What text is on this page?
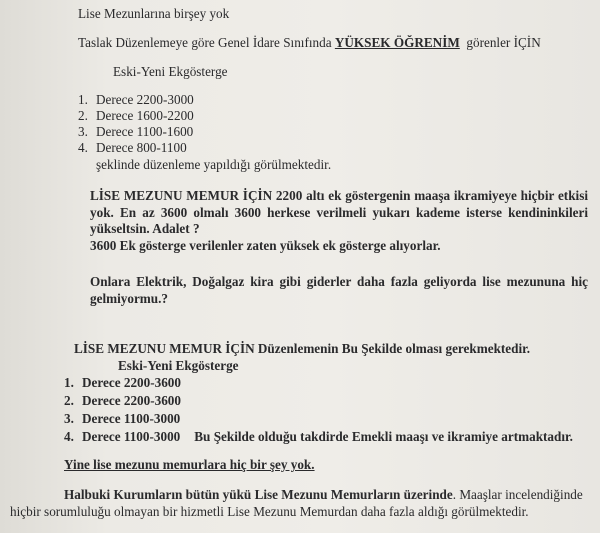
Lise Mezunlarına birşey yok
Taslak Düzenlemeye göre Genel İdare Sınıfında YÜKSEK ÖĞRENİM görenler İÇİN
Eski-Yeni Ekgösterge
1. Derece 2200-3000
2. Derece 1600-2200
3. Derece 1100-1600
4. Derece 800-1100
şeklinde düzenleme yapıldığı görülmektedir.
LİSE MEZUNU MEMUR İÇİN 2200 altı ek göstergenin maaşa ikramiyeye hiçbir etkisi yok. En az 3600 olmalı 3600 herkese verilmeli yukarı kademe isterse kendininkileri yükseltsin. Adalet ?
3600 Ek gösterge verilenler zaten yüksek ek gösterge alıyorlar.
Onlara Elektrik, Doğalgaz kira gibi giderler daha fazla geliyorda lise mezununa hiç gelmiyormu.?
LİSE MEZUNU MEMUR İÇİN Düzenlemenin Bu Şekilde olması gerekmektedir.
Eski-Yeni Ekgösterge
1. Derece 2200-3600
2. Derece 2200-3600
3. Derece 1100-3000
4. Derece 1100-3000 Bu Şekilde olduğu takdirde Emekli maaşı ve ikramiye artmaktadır.
Yine lise mezunu memurlara hiç bir şey yok.
Halbuki Kurumların bütün yükü Lise Mezunu Memurların üzerinde. Maaşlar incelendiğinde
hiçbir sorumluluğu olmayan bir hizmetli Lise Mezunu Memurdan daha fazla aldığı görülmektedir.
